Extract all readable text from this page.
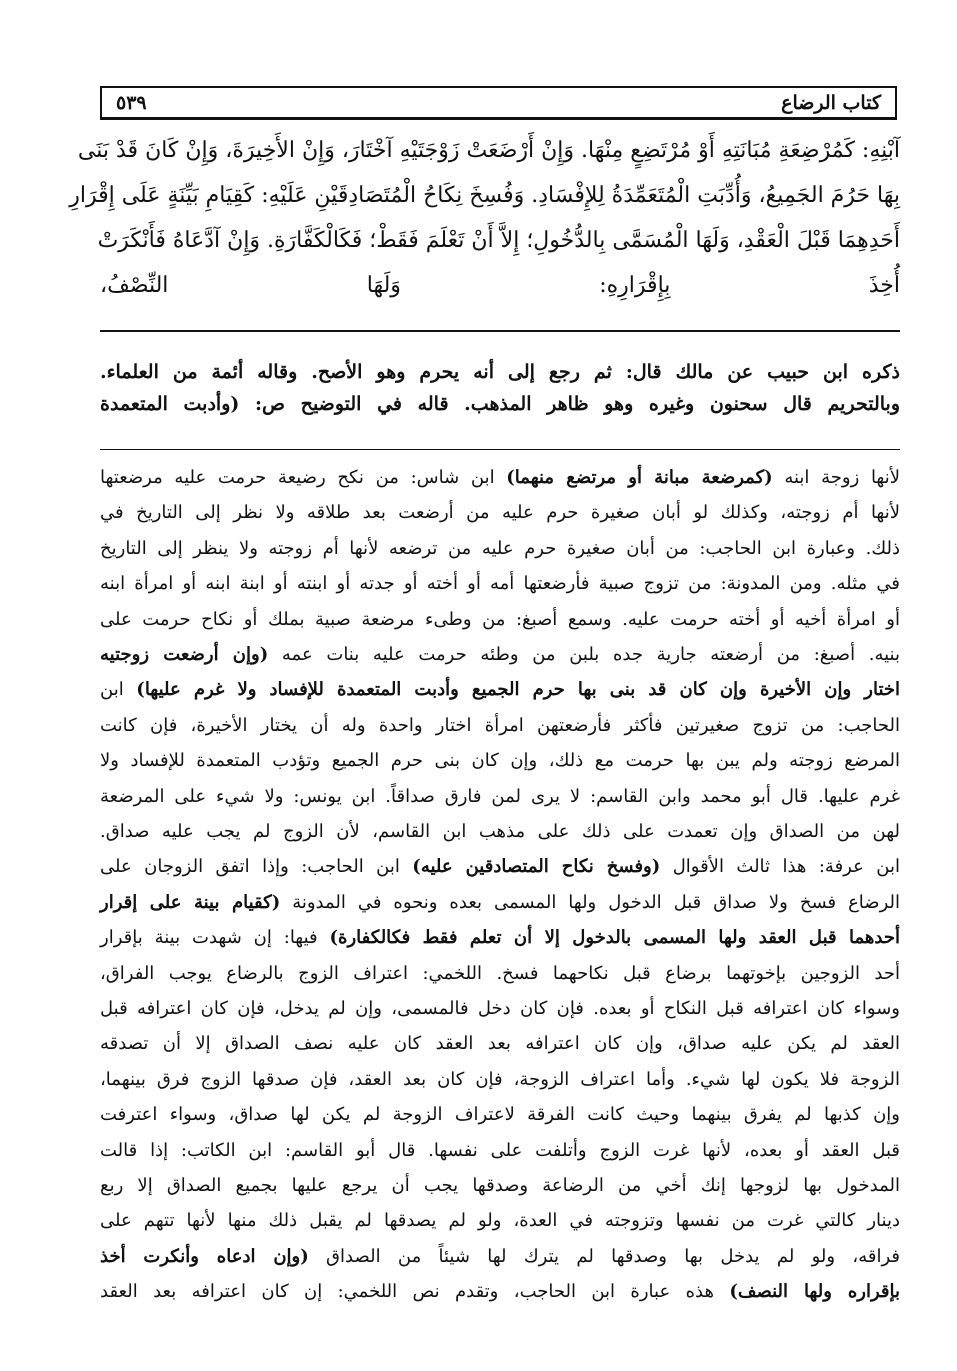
كتاب الرضاع
٥٣٩
آبْنِهِ: كَمُرْضِعَةِ مُبَانَتِهِ أَوْ مُرْتَضِعٍ مِنْهَا. وَإِنْ أَرْضَعَتْ زَوْجَتَيْهِ آخْتَارَ، وَإِنْ الأَخِيرَةَ، وَإِنْ كَانَ قَدْ بَنَى
بِهَا حَرُمَ الجَمِيعُ، وَأُدِّبَتِ الْمُتَعَمِّدَةُ لِلإِفْسَادِ. وَفُسِخَ نِكَاحُ الْمُتَصَادِقَيْنِ عَلَيْهِ: كَقِيَامِ بَيِّنَةٍ عَلَى إِقْرَارِ
أَحَدِهِمَا قَبْلَ الْعَقْدِ، وَلَهَا الْمُسَمَّى بِالدُّخُولِ؛ إِلاَّ أَنْ تَعْلَمَ فَقَطْ؛ فَكَالْكَفَّارَةِ. وَإِنْ آدَّعَاهُ فَأَنْكَرَتْ
أُخِذَ بِإِقْرَارِهِ: وَلَهَا النِّصْفُ،
ذكره ابن حبيب عن مالك قال: ثم رجع إلى أنه يحرم وهو الأصح. وقاله أئمة من العلماء.
وبالتحريم قال سحنون وغيره وهو ظاهر المذهب. قاله في التوضيح ص: (وأدبت المتعمدة
لأنها زوجة ابنه (كمرضعة مبانة أو مرتضع منهما) ابن شاس: من نكح رضيعة حرمت عليه مرضعتها
لأنها أم زوجته، وكذلك لو أبان صغيرة حرم عليه من أرضعت بعد طلاقه ولا نظر إلى التاريخ في
ذلك. وعبارة ابن الحاجب: من أبان صغيرة حرم عليه من ترضعه لأنها أم زوجته ولا ينظر إلى التاريخ
في مثله. ومن المدونة: من تزوج صبية فأرضعتها أمه أو أخته أو جدته أو ابنته أو ابنة ابنه أو امرأة ابنه
أو امرأة أخيه أو أخته حرمت عليه. وسمع أصبغ: من وطىء مرضعة صبية بملك أو نكاح حرمت على
بنيه. أصبغ: من أرضعته جارية جده بلبن من وطئه حرمت عليه بنات عمه (وإن أرضعت زوجتيه
اختار وإن الأخيرة وإن كان قد بنى بها حرم الجميع وأدبت المتعمدة للإفساد ولا غرم عليها) ابن
الحاجب: من تزوج صغيرتين فأكثر فأرضعتهن امرأة اختار واحدة وله أن يختار الأخيرة، فإن كانت
المرضع زوجته ولم يبن بها حرمت مع ذلك، وإن كان بنى حرم الجميع وتؤدب المتعمدة للإفساد ولا
غرم عليها. قال أبو محمد وابن القاسم: لا يرى لمن فارق صداقاً. ابن يونس: ولا شيء على المرضعة
لهن من الصداق وإن تعمدت على ذلك على مذهب ابن القاسم، لأن الزوج لم يجب عليه صداق.
ابن عرفة: هذا ثالث الأقوال (وفسخ نكاح المتصادقين عليه) ابن الحاجب: وإذا اتفق الزوجان على
الرضاع فسخ ولا صداق قبل الدخول ولها المسمى بعده ونحوه في المدونة (كقيام بينة على إقرار
أحدهما قبل العقد ولها المسمى بالدخول إلا أن تعلم فقط فكالكفارة) فيها: إن شهدت بينة بإقرار
أحد الزوجين بإخوتهما برضاع قبل نكاحهما فسخ. اللخمي: اعتراف الزوج بالرضاع يوجب الفراق،
وسواء كان اعترافه قبل النكاح أو بعده. فإن كان دخل فالمسمى، وإن لم يدخل، فإن كان اعترافه قبل
العقد لم يكن عليه صداق، وإن كان اعترافه بعد العقد كان عليه نصف الصداق إلا أن تصدقه
الزوجة فلا يكون لها شيء. وأما اعتراف الزوجة، فإن كان بعد العقد، فإن صدقها الزوج فرق بينهما،
وإن كذبها لم يفرق بينهما وحيث كانت الفرقة لاعتراف الزوجة لم يكن لها صداق، وسواء اعترفت
قبل العقد أو بعده، لأنها غرت الزوج وأتلفت على نفسها. قال أبو القاسم: ابن الكاتب: إذا قالت
المدخول بها لزوجها إنك أخي من الرضاعة وصدقها يجب أن يرجع عليها بجميع الصداق إلا ربع
دينار كالتي غرت من نفسها وتزوجته في العدة، ولو لم يصدقها لم يقبل ذلك منها لأنها تتهم على
فراقه، ولو لم يدخل بها وصدقها لم يترك لها شيئاً من الصداق (وإن ادعاه وأنكرت أخذ
بإقراره ولها النصف) هذه عبارة ابن الحاجب، وتقدم نص اللخمي: إن كان اعترافه بعد العقد
